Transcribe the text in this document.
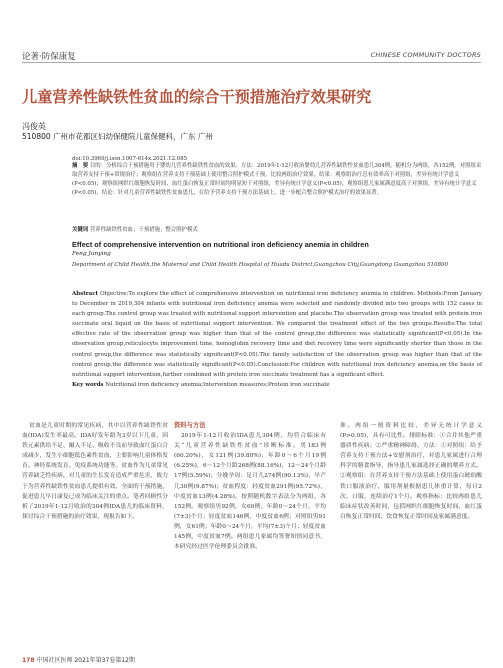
论著·防保康复	CHINESE COMMUNITY DOCTORS
儿童营养性缺铁性贫血的综合干预措施治疗效果研究
冯俊英
510800 广州市花都区妇幼保健院儿童保健科，广东 广州
doi:10.3969/j.issn.1007-614x.2021.12.085
摘　要 目的：分析综合干预措施用于婴幼儿营养性缺铁性贫血的效果。方法：2019年1-12月收治婴幼儿营养性缺铁性贫血患儿304例，随机分为两组，各152例。对照组采取营养支持干预+常规治疗；观察组在营养支持干预基础上使用整合照护模式干预，比较两组治疗效果。结果：观察组治疗总有效率高于对照组，差异有统计学意义(P<0.05)；观察组网织红细胞恢复时间、血红蛋白恢复正常时间均明显短于对照组，差异有统计学意义(P<0.05)；观察组患儿家属满意度高于对照组，差异有统计学意义(P<0.05)。结论：针对儿童营养性缺铁性贫血患儿，在给予营养支持干预方法基础上，进一步配合整合照护模式治疗的效果显著。
关键词 营养性缺铁性贫血；干预措施；整合照护模式
Effect of comprehensive intervention on nutritional iron deficiency anemia in children
Feng Junying
Department of Child Health,the Maternal and Child Health Hospital of Huadu District,Guangzhou City,Guangdong Guangzhou 510800
Abstract Objective:To explore the effect of comprehensive intervention on nutritional iron deficiency anemia in children. Methods:From January to December in 2019,304 infants with nutritional iron deficiency anemia were selected and randomly divided into two groups with 152 cases in each group.The control group was treated with nutritional support intervention and placebo.The observation group was treated with protein iron succinate oral liquid on the basis of nutritional support intervention. We compared the treatment effect of the two groups.Results:The total effective rate of the observation group was higher than that of the control group,the difference was statistically significant(P<0.05).In the observation group,reticulocyte improvement time, hemoglobin recovery time and diet recovery time were significantly shorter than those in the control group,the difference was statistically significant(P<0.05).The family satisfaction of the observation group was higher than that of the control group,the difference was statistically significant(P<0.05).Conclusion:For children with nutritional iron deficiency anemia,on the basis of nutritional support intervention,further combined with protein iron succinate treatment has a significant effect.
Key words Nutritional iron deficiency anemia;Intervention measures;Protein iron succinate
贫血是儿童时期的常见疾病，其中以营养性缺铁性贫血(IDA)发生率最高。IDA好发年龄为3岁以下儿童，因铁元素供给不足、摄入不足、吸收不良而导致血红蛋白合成减少，发生小细胞低色素性贫血，主要影响儿童体格发育、神经系统发育、免疫系统功能等。贫血作为儿童常见营养缺乏性疾病，对儿童的生长发育造成严重危害，致力于为营养性缺铁性贫血患儿提供有效、全面的干预措施，促进患儿早日康复已成为临床关注的重点。笔者回顾性分析了2019年1-12月收治的304例IDA患儿的临床资料，探讨综合干预措施的治疗效果，现报告如下。
资料与方法
2019年1-12月收治IDA患儿304例，均符合临床有关“儿童营养性缺铁性贫血”诊断标准。男183例(60.20%)，女121例(39.80%)；年龄0～6个月19例(6.25%)，6～12个月龄268例(88.16%)，12～24个月龄17例(5.59%)；分娩孕周：足月儿274例(90.13%)，早产儿30例(9.87%)；贫血程度：轻度贫血291例(95.72%)，中度贫血13例(4.28%)。按照随机数字表法分为两组，各152例。观察组男92例，女60例；年龄0～24个月，平均(7±3)个月；轻度贫血146例，中度贫血6例；对照组男91例，女61例；年龄0～24个月，平均(7±3)个月；轻度贫血145例，中度贫血7例。两组患儿家属均签署知情同意书，本研究经过医学伦理委员会批准。
准。两组一般资料比较，差异无统计学意义(P>0.05)，具有可比性。排除标准：①合并其他严重器质性疾病；②严重精神障碍。方法：①对照组：给予营养支持干预方法+安慰剂治疗，对患儿家属进行合理科学的膳食指导，指导患儿家属选择正确的喂养方式。②观察组：在营养支持干预方法基础上使用蛋白琥珀酸铁口服液治疗，服用剂量根据患儿体重计算，每日2次，口服，连续治疗1个月。观察指标：比较两组患儿临床症状改善时间，包括网织红细胞恢复时间、血红蛋白恢复正常时间、饮食恢复正常时间及家属满意度。
178 中国社区医师 2021年第37卷第12期
